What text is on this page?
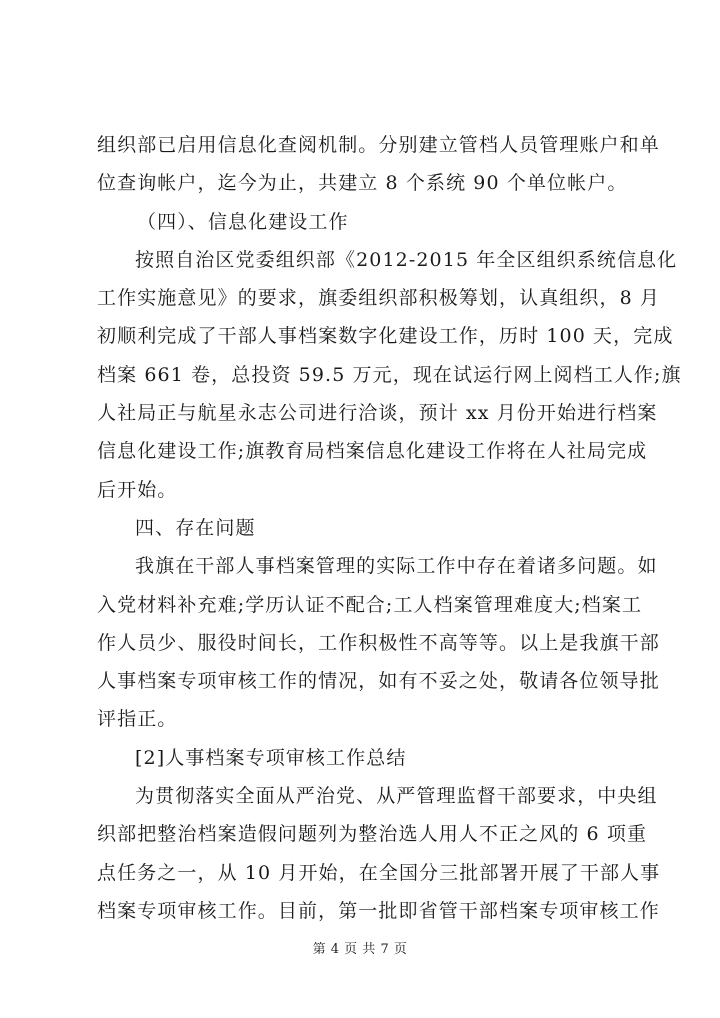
组织部已启用信息化查阅机制。分别建立管档人员管理账户和单
位查询帐户，迄今为止，共建立 8 个系统 90 个单位帐户。
（四）、信息化建设工作
按照自治区党委组织部《2012-2015 年全区组织系统信息化
工作实施意见》的要求，旗委组织部积极筹划，认真组织，8 月
初顺利完成了干部人事档案数字化建设工作，历时 100 天，完成
档案 661 卷，总投资 59.5 万元，现在试运行网上阅档工人作;旗
人社局正与航星永志公司进行洽谈，预计 xx 月份开始进行档案
信息化建设工作;旗教育局档案信息化建设工作将在人社局完成
后开始。
四、存在问题
我旗在干部人事档案管理的实际工作中存在着诸多问题。如
入党材料补充难;学历认证不配合;工人档案管理难度大;档案工
作人员少、服役时间长，工作积极性不高等等。以上是我旗干部
人事档案专项审核工作的情况，如有不妥之处，敬请各位领导批
评指正。
[2]人事档案专项审核工作总结
为贯彻落实全面从严治党、从严管理监督干部要求，中央组
织部把整治档案造假问题列为整治选人用人不正之风的 6 项重
点任务之一，从 10 月开始，在全国分三批部署开展了干部人事
档案专项审核工作。目前，第一批即省管干部档案专项审核工作
第 4 页 共 7 页
